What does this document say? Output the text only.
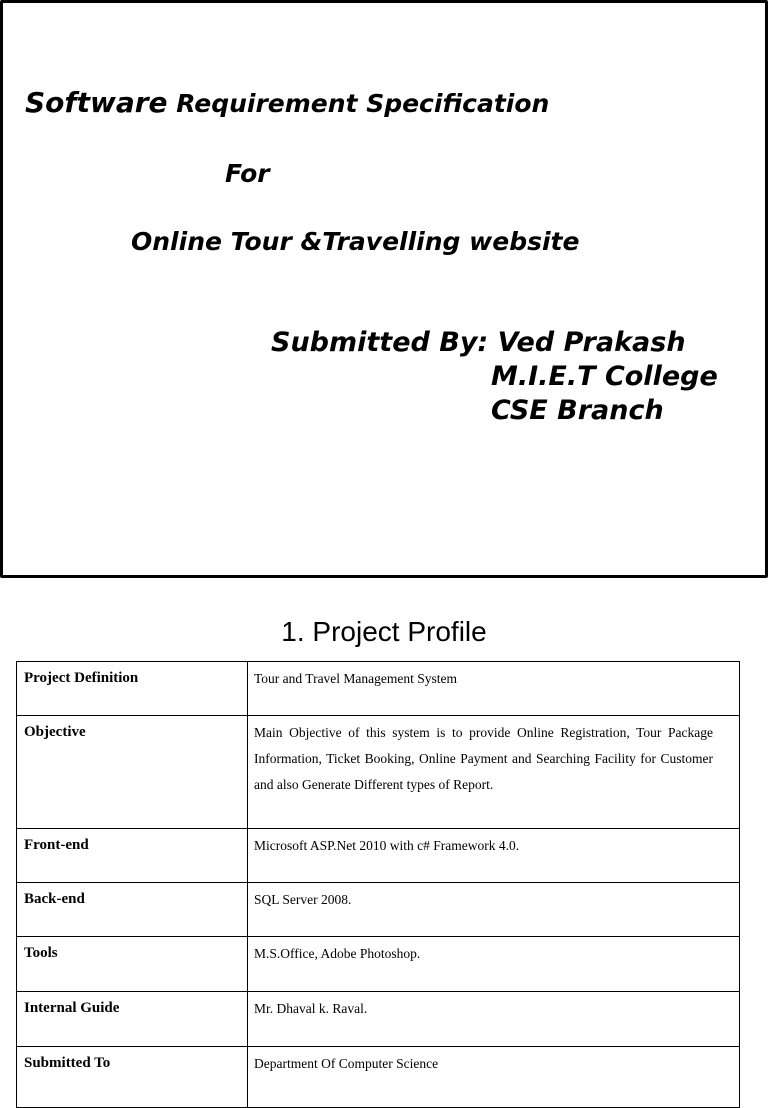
Software Requirement Specification
For
Online Tour &Travelling website
Submitted By: Ved Prakash
M.I.E.T College
CSE Branch
1. Project Profile
Project Definition	Tour and Travel Management System

Objective	Main Objective of this system is to provide Online Registration, Tour Package Information, Ticket Booking, Online Payment and Searching Facility for Customer and also Generate Different types of Report.

Front-end	Microsoft ASP.Net 2010 with c# Framework 4.0.

Back-end	SQL Server 2008.

Tools	M.S.Office, Adobe Photoshop.

Internal Guide	Mr. Dhaval k. Raval.

Submitted To	Department Of Computer Science
